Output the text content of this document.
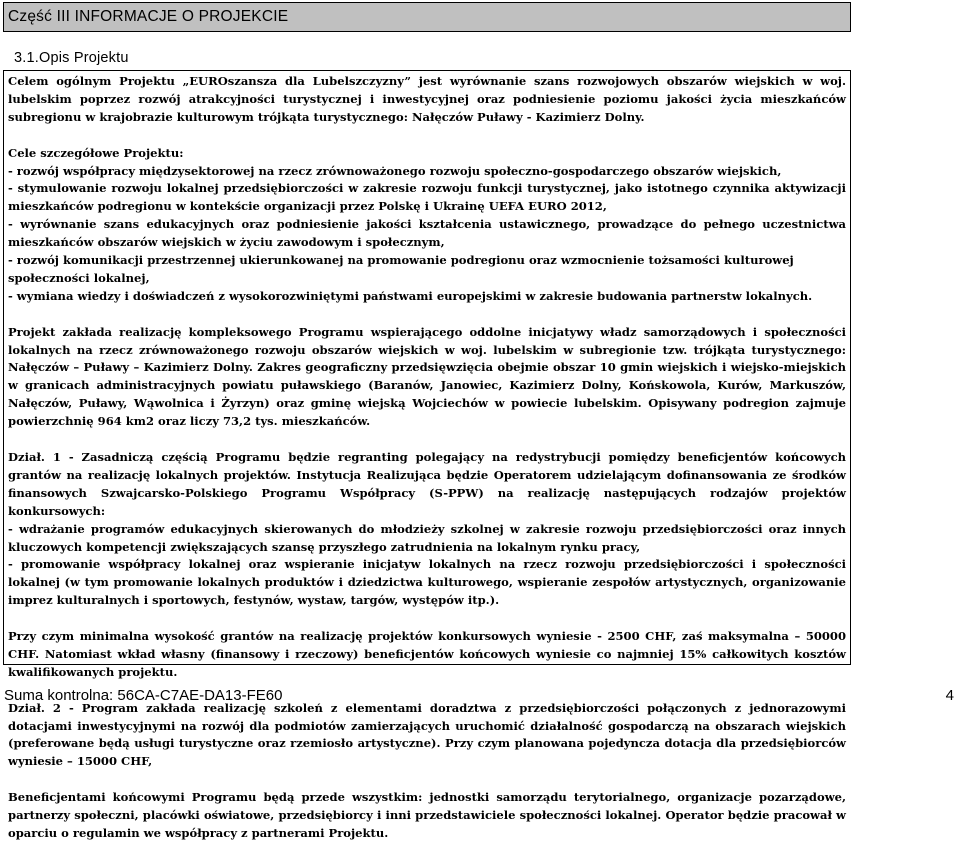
Część III INFORMACJE O PROJEKCIE
3.1.Opis Projektu

Celem ogólnym Projektu „EUROszansza dla Lubelszczyzny” jest wyrównanie szans rozwojowych obszarów wiejskich w woj. lubelskim poprzez rozwój atrakcyjności turystycznej i inwestycyjnej oraz podniesienie poziomu jakości życia mieszkańców subregionu w krajobrazie kulturowym trójkąta turystycznego: Nałęczów Puławy - Kazimierz Dolny.

Cele szczegółowe Projektu:

- rozwój współpracy międzysektorowej na rzecz zrównoważonego rozwoju społeczno-gospodarczego obszarów wiejskich,

- stymulowanie rozwoju lokalnej przedsiębiorczości w zakresie rozwoju funkcji turystycznej, jako istotnego czynnika aktywizacji mieszkańców podregionu w kontekście organizacji przez Polskę i Ukrainę UEFA EURO 2012,

- wyrównanie szans edukacyjnych oraz podniesienie jakości kształcenia ustawicznego, prowadzące do pełnego uczestnictwa mieszkańców obszarów wiejskich w życiu zawodowym i społecznym,

- rozwój komunikacji przestrzennej ukierunkowanej na promowanie podregionu oraz wzmocnienie tożsamości kulturowej społeczności lokalnej,

- wymiana wiedzy i doświadczeń z wysokorozwiniętymi państwami europejskimi w zakresie budowania partnerstw lokalnych.

Projekt zakłada realizację kompleksowego Programu wspierającego oddolne inicjatywy władz samorządowych i społeczności lokalnych na rzecz zrównoważonego rozwoju obszarów wiejskich w woj. lubelskim w subregionie tzw. trójkąta turystycznego: Nałęczów – Puławy – Kazimierz Dolny. Zakres geograficzny przedsięwzięcia obejmie obszar 10 gmin wiejskich i wiejsko-miejskich w granicach administracyjnych powiatu puławskiego (Baranów, Janowiec, Kazimierz Dolny, Końskowola, Kurów, Markuszów, Nałęczów, Puławy, Wąwolnica i Żyrzyn) oraz gminę wiejską Wojciechów w powiecie lubelskim. Opisywany podregion zajmuje powierzchnię 964 km2 oraz liczy 73,2 tys. mieszkańców.

Dział. 1 - Zasadniczą częścią Programu będzie regranting polegający na redystrybucji pomiędzy beneficjentów końcowych grantów na realizację lokalnych projektów. Instytucja Realizująca będzie Operatorem udzielającym dofinansowania ze środków finansowych Szwajcarsko-Polskiego Programu Współpracy (S-PPW) na realizację następujących rodzajów projektów konkursowych:

- wdrażanie programów edukacyjnych skierowanych do młodzieży szkolnej w zakresie rozwoju przedsiębiorczości oraz innych kluczowych kompetencji zwiększających szansę przyszłego zatrudnienia na lokalnym rynku pracy,

- promowanie współpracy lokalnej oraz wspieranie inicjatyw lokalnych na rzecz rozwoju przedsiębiorczości i społeczności lokalnej (w tym promowanie lokalnych produktów i dziedzictwa kulturowego, wspieranie zespołów artystycznych, organizowanie imprez kulturalnych i sportowych, festynów, wystaw, targów, występów itp.).

Przy czym minimalna wysokość grantów na realizację projektów konkursowych wyniesie - 2500 CHF, zaś maksymalna – 50000 CHF. Natomiast wkład własny (finansowy i rzeczowy) beneficjentów końcowych wyniesie co najmniej 15% całkowitych kosztów kwalifikowanych projektu.

Dział. 2 - Program zakłada realizację szkoleń z elementami doradztwa z przedsiębiorczości połączonych z jednorazowymi dotacjami inwestycyjnymi na rozwój dla podmiotów zamierzających uruchomić działalność gospodarczą na obszarach wiejskich (preferowane będą usługi turystyczne oraz rzemiosło artystyczne). Przy czym planowana pojedyncza dotacja dla przedsiębiorców wyniesie – 15000 CHF,

Beneficjentami końcowymi Programu będą przede wszystkim: jednostki samorządu terytorialnego, organizacje pozarządowe, partnerzy społeczni, placówki oświatowe, przedsiębiorcy i inni przedstawiciele społeczności lokalnej. Operator będzie pracował w oparciu o regulamin we współpracy z partnerami Projektu.

Suma kontrolna: 56CA-C7AE-DA13-FE60	4
